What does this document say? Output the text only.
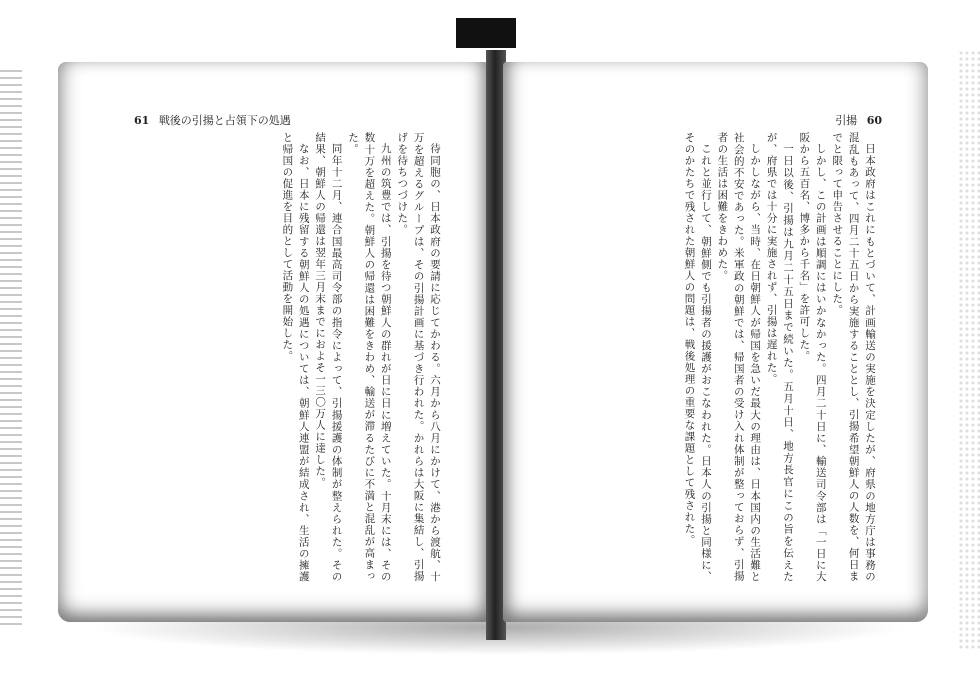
61 戦後の引揚と占領下の処遇

待同胞の、日本政府の要請に応じてかわる。六月から八月にかけて、港から渡航、十万を超えるグループは、その引揚計画に基づき行われた。かれらは大阪に集結し、引揚げを待ちつづけた。

九州の筑豊では、引揚を待つ朝鮮人の群れが日に日に増えていた。十月末には、その数十万を超えた。朝鮮人の帰還は困難をきわめ、輸送が滞るたびに不満と混乱が高まった。

同年十二月、連合国最高司令部の指令によって、引揚援護の体制が整えられた。その結果、朝鮮人の帰還は翌年三月末までにおよそ一三〇万人に達した。

なお、日本に残留する朝鮮人の処遇については、朝鮮人連盟が結成され、生活の擁護と帰国の促進を目的として活動を開始した。

引揚 60

日本政府はこれにもとづいて、計画輸送の実施を決定したが、府県の地方庁は事務の混乱もあって、四月二十五日から実施することとし、引揚希望朝鮮人の人数を、何日までと限って申告させることにした。

しかし、この計画は順調にはいかなかった。四月二十日に、輸送司令部は「一日に大阪から五百名、博多から千名」を許可した。

一日以後、引揚は九月二十五日まで続いた。五月十日、地方長官にこの旨を伝えたが、府県では十分に実施されず、引揚は遅れた。

しかしながら、当時、在日朝鮮人が帰国を急いだ最大の理由は、日本国内の生活難と社会的不安であった。米軍政の朝鮮では、帰国者の受け入れ体制が整っておらず、引揚者の生活は困難をきわめた。

これと並行して、朝鮮側でも引揚者の援護がおこなわれた。日本人の引揚と同様に、そのかたちで残された朝鮮人の問題は、戦後処理の重要な課題として残された。
